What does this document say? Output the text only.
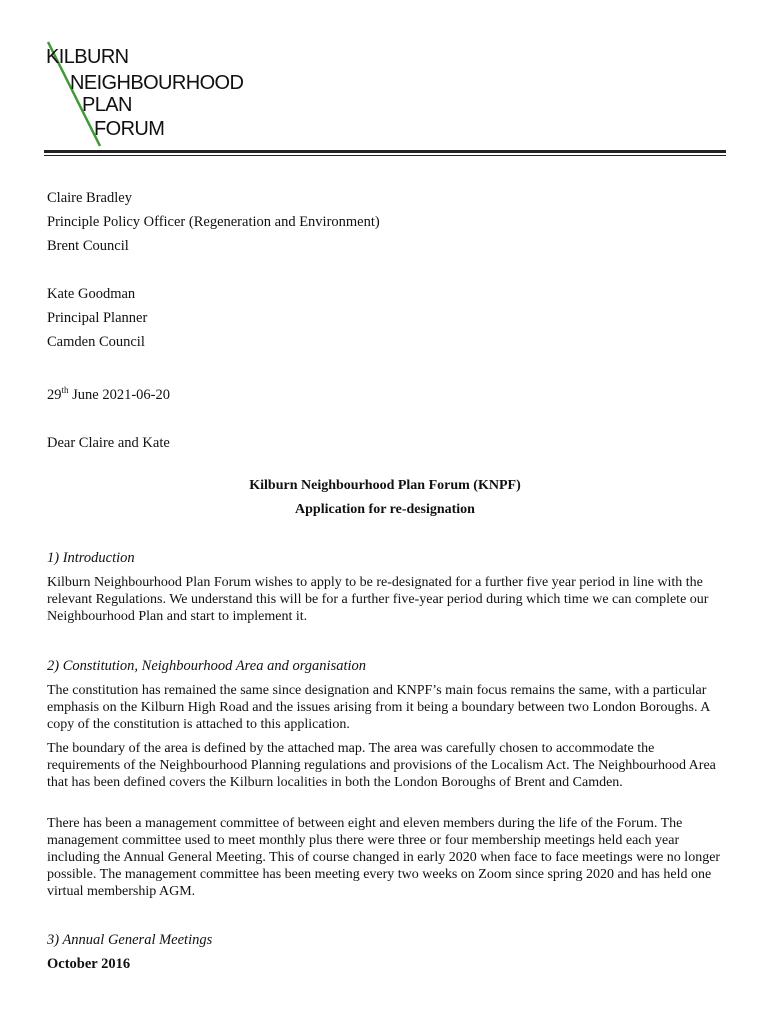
KILBURN
NEIGHBOURHOOD
PLAN
FORUM

Claire Bradley

Principle Policy Officer (Regeneration and Environment)

Brent Council

Kate Goodman

Principal Planner

Camden Council

29th June 2021-06-20

Dear Claire and Kate

Kilburn Neighbourhood Plan Forum (KNPF)
Application for re-designation
1) Introduction

Kilburn Neighbourhood Plan Forum wishes to apply to be re-designated for a further five year period in line with the relevant Regulations. We understand this will be for a further five-year period during which time we can complete our Neighbourhood Plan and start to implement it.

2) Constitution, Neighbourhood Area and organisation

The constitution has remained the same since designation and KNPF’s main focus remains the same, with a particular emphasis on the Kilburn High Road and the issues arising from it being a boundary between two London Boroughs. A copy of the constitution is attached to this application.

The boundary of the area is defined by the attached map. The area was carefully chosen to accommodate the requirements of the Neighbourhood Planning regulations and provisions of the Localism Act. The Neighbourhood Area that has been defined covers the Kilburn localities in both the London Boroughs of Brent and Camden.

There has been a management committee of between eight and eleven members during the life of the Forum. The management committee used to meet monthly plus there were three or four membership meetings held each year including the Annual General Meeting. This of course changed in early 2020 when face to face meetings were no longer possible. The management committee has been meeting every two weeks on Zoom since spring 2020 and has held one virtual membership AGM.

3) Annual General Meetings
October 2016
